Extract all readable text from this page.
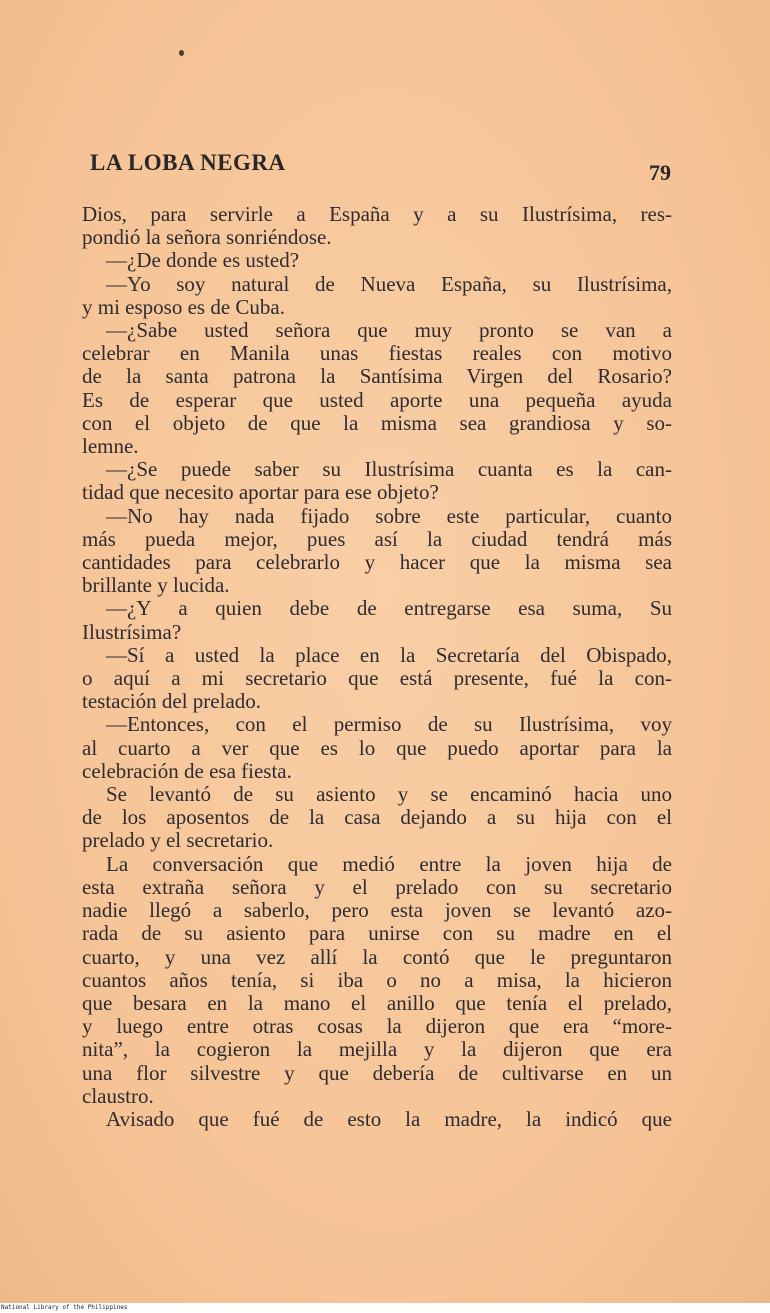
LA LOBA NEGRA	79
Dios, para servirle a España y a su Ilustrísima, res-
pondió la señora sonriéndose.
—¿De donde es usted?
—Yo soy natural de Nueva España, su Ilustrísima,
y mi esposo es de Cuba.
—¿Sabe usted señora que muy pronto se van a
celebrar en Manila unas fiestas reales con motivo
de la santa patrona la Santísima Virgen del Rosario?
Es de esperar que usted aporte una pequeña ayuda
con el objeto de que la misma sea grandiosa y so-
lemne.
—¿Se puede saber su Ilustrísima cuanta es la can-
tidad que necesito aportar para ese objeto?
—No hay nada fijado sobre este particular, cuanto
más pueda mejor, pues así la ciudad tendrá más
cantidades para celebrarlo y hacer que la misma sea
brillante y lucida.
—¿Y a quien debe de entregarse esa suma, Su
Ilustrísima?
—Sí a usted la place en la Secretaría del Obispado,
o aquí a mi secretario que está presente, fué la con-
testación del prelado.
—Entonces, con el permiso de su Ilustrísima, voy
al cuarto a ver que es lo que puedo aportar para la
celebración de esa fiesta.
Se levantó de su asiento y se encaminó hacia uno
de los aposentos de la casa dejando a su hija con el
prelado y el secretario.
La conversación que medió entre la joven hija de
esta extraña señora y el prelado con su secretario
nadie llegó a saberlo, pero esta joven se levantó azo-
rada de su asiento para unirse con su madre en el
cuarto, y una vez allí la contó que le preguntaron
cuantos años tenía, si iba o no a misa, la hicieron
que besara en la mano el anillo que tenía el prelado,
y luego entre otras cosas la dijeron que era “more-
nita”, la cogieron la mejilla y la dijeron que era
una flor silvestre y que debería de cultivarse en un
claustro.
Avisado que fué de esto la madre, la indicó que
National Library of the Philippines
